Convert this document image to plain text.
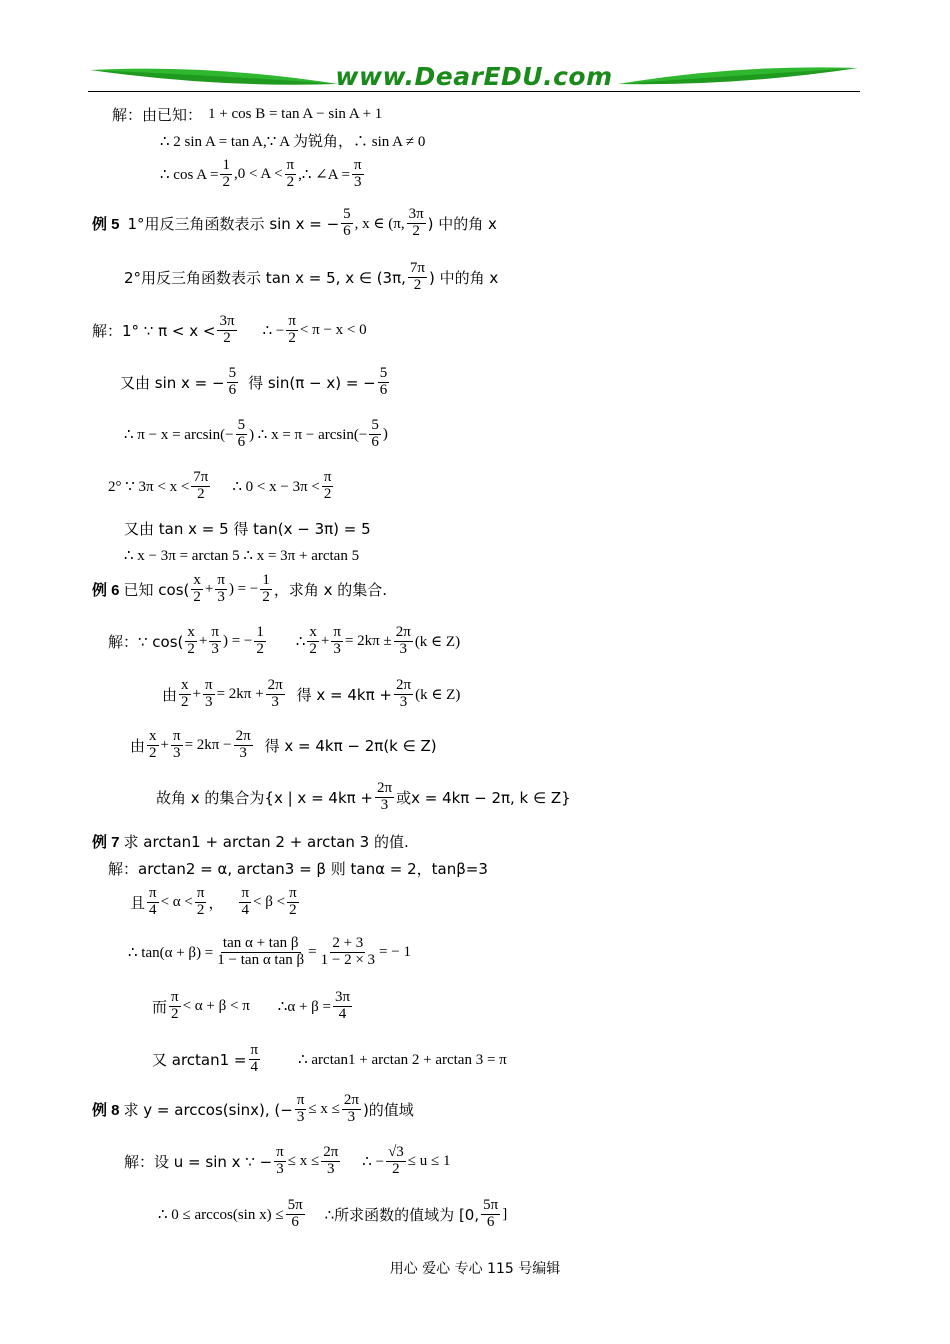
www.DearEDU.com
解：由已知： 1 + cos B = tan A − sin A + 1
∴ 2 sin A = tan A,∵ A 为锐角，∴ sin A ≠ 0
∴ $\cos A = \frac{1}{2} ,0 < A < \frac{\pi}{2}$ ,∴ ∠A = $\frac{\pi}{3}$
例 5 1°用反三角函数表示 sin x = − $\frac{5}{6}$ , x ∈ (π, $\frac{3\pi}{2}$ ) 中的角 x
2°用反三角函数表示 tan x = 5, x ∈ (3π, $\frac{7\pi}{2}$ ) 中的角 x
解：1° ∵ $\pi < x < \frac{3\pi}{2}$ ∴ − $\frac{\pi}{2} < \pi - x < 0$
又由 sin x = − $\frac{5}{6}$ 得 sin(π − x) = − $\frac{5}{6}$
∴ $\pi - x = \arcsin(- \frac{5}{6}$ ) ∴ $x = \pi - \arcsin(- \frac{5}{6}$ )
2° ∵ $3\pi < x < \frac{7\pi}{2}$ ∴ $0 < x - 3\pi < \frac{\pi}{2}$
又由 tan x = 5 得 tan(x − 3π) = 5
∴ x − 3π = arctan 5 ∴ x = 3π + arctan 5
例 6 已知 $\cos( \frac{x}{2} + \frac{\pi}{3}$ ) = − $\frac{1}{2}$ ，求角 x 的集合.
解：∵ $\cos( \frac{x}{2} + \frac{\pi}{3}$ ) = − $\frac{1}{2}$ ∴ $\frac{x}{2} + \frac{\pi}{3} = 2k\pi \pm \frac{2\pi}{3} (k$ ∈ Z)
由 $\frac{x}{2} + \frac{\pi}{3} = 2k\pi + \frac{2\pi}{3}$ 得 $x = 4k\pi + \frac{2\pi}{3} (k$ ∈ Z)
由 $\frac{x}{2} + \frac{\pi}{3} = 2k\pi - \frac{2\pi}{3}$ 得 x = 4kπ − 2π(k ∈ Z)
故角 x 的集合为{x | $x = 4k\pi + \frac{2\pi}{3}$ 或x = 4kπ − 2π, k ∈ Z}
例 7 求 arctan1 + arctan 2 + arctan 3 的值.
解：arctan2 = α, arctan3 = β 则 tanα = 2，tanβ=3
且 $\frac{\pi}{4} < \alpha < \frac{\pi}{2}$ ， $\frac{\pi}{4} < \beta < \frac{\pi}{2}$
∴ $\tan(\alpha + \beta) = \frac{\text{tan α + tan β}}{\text{1 − tan α tan β}} = \frac{2 + 3}{1 - 2 \times 3}$ = − 1
而 $\frac{\pi}{2} < \alpha + \beta < \pi$ ∴α + $\beta = \frac{3\pi}{4}$
又 $\arctan 1 = \frac{\pi}{4}$	∴ arctan1 + arctan 2 + arctan 3 = π
例 8 求 y = arccos(sinx), (− $\frac{\pi}{3} \le x \le \frac{2\pi}{3}$ )的值域
解：设 u = sin x ∵ − $\frac{\pi}{3} \le x \le \frac{2\pi}{3}$ ∴ − $\frac{√3}{2} \le u \le 1$
∴ 0 ≤ arccos(sin $x) \le \frac{5\pi}{6}$ ∴所求函数的值域为 [0, $\frac{5\pi}{6}$ ]
用心 爱心 专心 115 号编辑
